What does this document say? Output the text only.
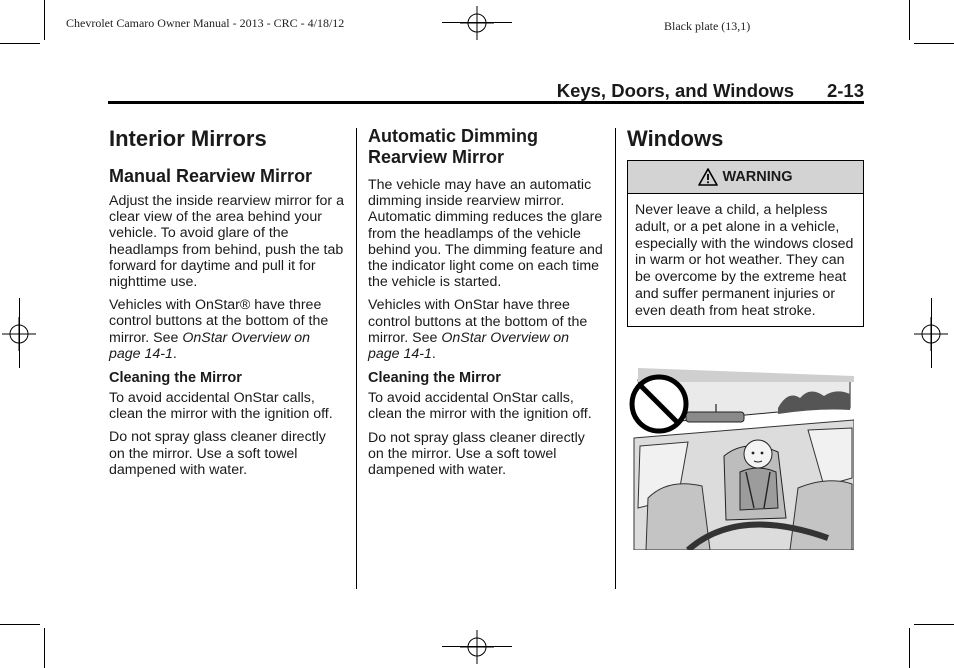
Chevrolet Camaro Owner Manual - 2013 - CRC - 4/18/12	Black plate (13,1)
Keys, Doors, and Windows 2-13
Interior Mirrors
Manual Rearview Mirror

Adjust the inside rearview mirror for a clear view of the area behind your vehicle. To avoid glare of the headlamps from behind, push the tab forward for daytime and pull it for nighttime use.

Vehicles with OnStar® have three control buttons at the bottom of the mirror. See OnStar Overview on page 14-1.

Cleaning the Mirror

To avoid accidental OnStar calls, clean the mirror with the ignition off.

Do not spray glass cleaner directly on the mirror. Use a soft towel dampened with water.

Automatic Dimming Rearview Mirror

The vehicle may have an automatic dimming inside rearview mirror. Automatic dimming reduces the glare from the headlamps of the vehicle behind you. The dimming feature and the indicator light come on each time the vehicle is started.

Vehicles with OnStar have three control buttons at the bottom of the mirror. See OnStar Overview on page 14-1.

Cleaning the Mirror

To avoid accidental OnStar calls, clean the mirror with the ignition off.

Do not spray glass cleaner directly on the mirror. Use a soft towel dampened with water.

Windows
WARNING
Never leave a child, a helpless adult, or a pet alone in a vehicle, especially with the windows closed in warm or hot weather. They can be overcome by the extreme heat and suffer permanent injuries or even death from heat stroke.
